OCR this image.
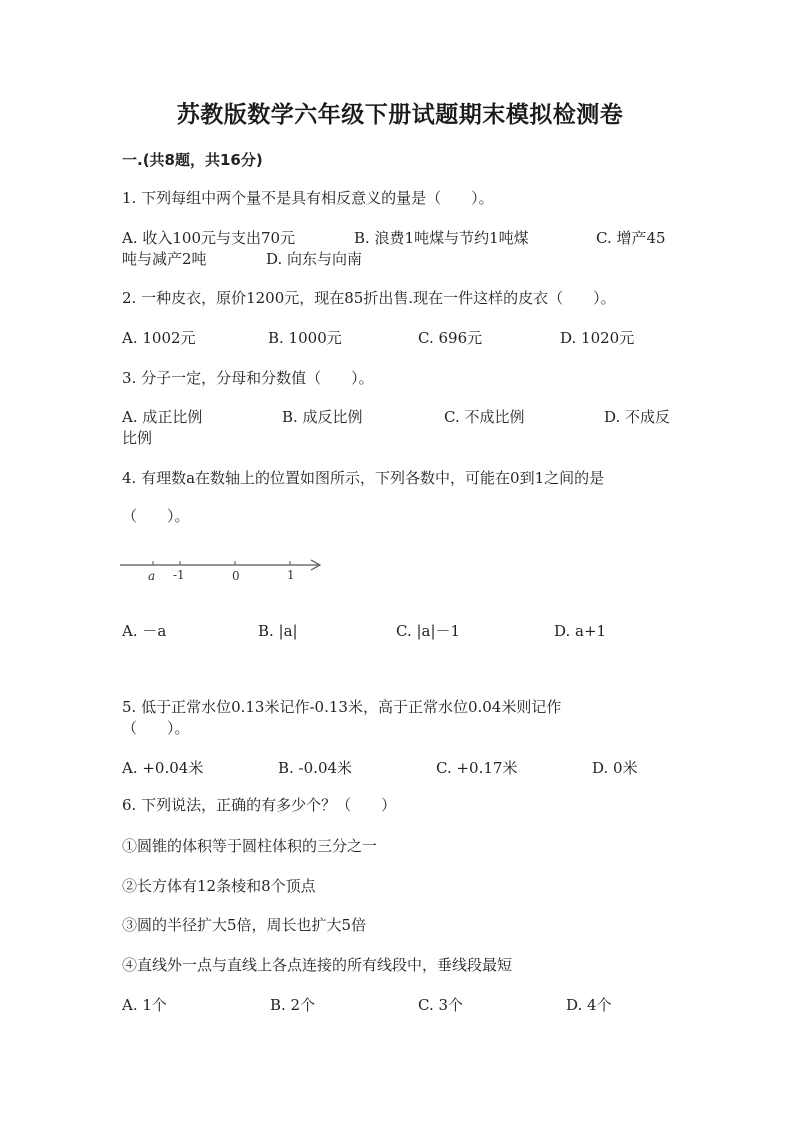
苏教版数学六年级下册试题期末模拟检测卷
一.(共8题，共16分)
1. 下列每组中两个量不是具有相反意义的量是（　　）。
A. 收入100元与支出70元	B. 浪费1吨煤与节约1吨煤	C. 增产45
吨与减产2吨	D. 向东与向南
2. 一种皮衣，原价1200元，现在85折出售.现在一件这样的皮衣（　　）。
A. 1002元	B. 1000元	C. 696元	D. 1020元
3. 分子一定，分母和分数值（　　）。
A. 成正比例	B. 成反比例	C. 不成比例	D. 不成反
比例
4. 有理数a在数轴上的位置如图所示，下列各数中，可能在0到1之间的是
（　　）。
a -1	0	1
A. －a	B. |a|	C. |a|－1	D. a+1
5. 低于正常水位0.13米记作-0.13米，高于正常水位0.04米则记作
（　　）。
A. +0.04米	B. -0.04米	C. +0.17米	D. 0米
6. 下列说法，正确的有多少个？（　　）
①圆锥的体积等于圆柱体积的三分之一
②长方体有12条棱和8个顶点
③圆的半径扩大5倍，周长也扩大5倍
④直线外一点与直线上各点连接的所有线段中，垂线段最短
A. 1个	B. 2个	C. 3个	D. 4个
